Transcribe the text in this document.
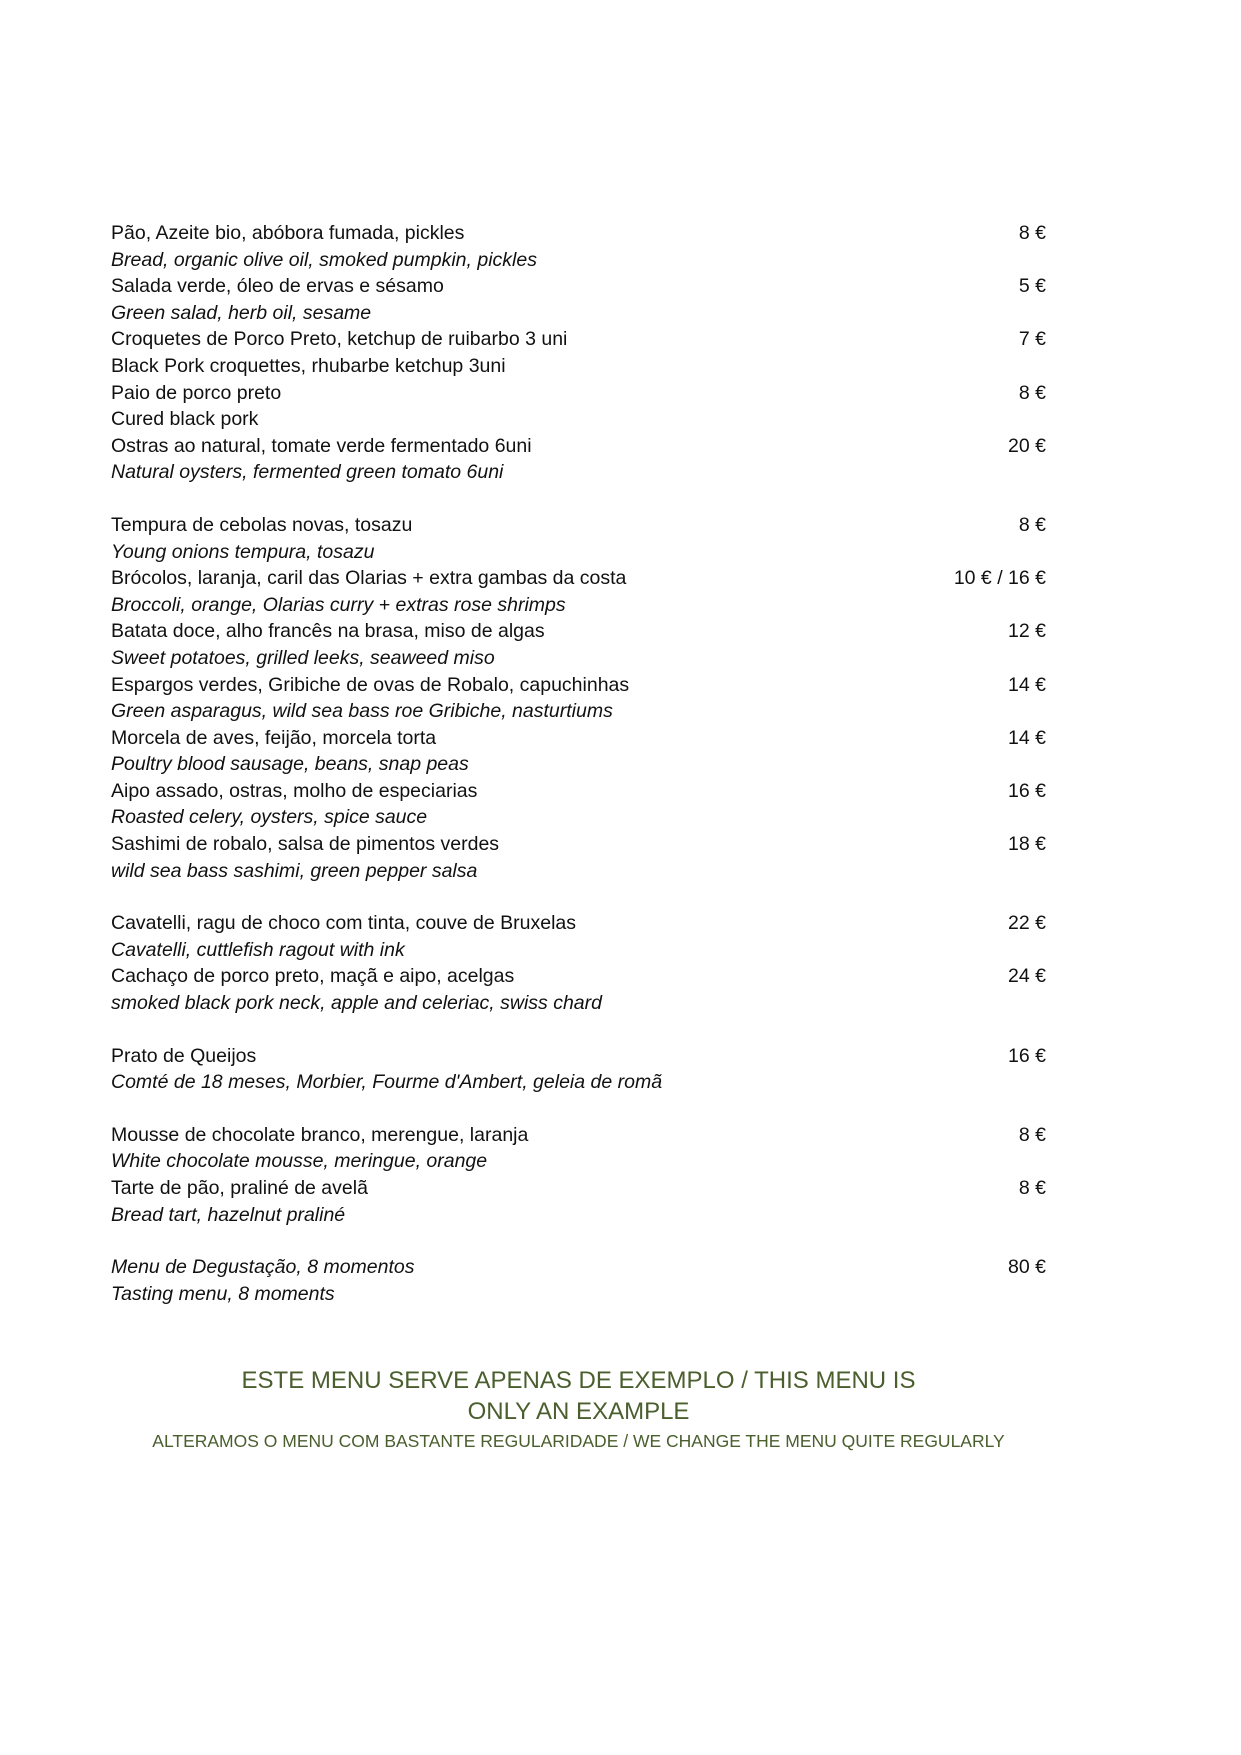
Pão, Azeite bio, abóbora fumada, pickles	8 €
Bread, organic olive oil, smoked pumpkin, pickles
Salada verde, óleo de ervas e sésamo	5 €
Green salad, herb oil, sesame
Croquetes de Porco Preto, ketchup de ruibarbo 3 uni	7 €
Black Pork croquettes, rhubarbe ketchup 3uni
Paio de porco preto	8 €
Cured black pork
Ostras ao natural, tomate verde fermentado 6uni	20 €
Natural oysters, fermented green tomato 6uni
Tempura de cebolas novas, tosazu	8 €
Young onions tempura, tosazu
Brócolos, laranja, caril das Olarias + extra gambas da costa	10 € / 16 €
Broccoli, orange, Olarias curry + extras rose shrimps
Batata doce, alho francês na brasa, miso de algas	12 €
Sweet potatoes, grilled leeks, seaweed miso
Espargos verdes, Gribiche de ovas de Robalo, capuchinhas	14 €
Green asparagus, wild sea bass roe Gribiche, nasturtiums
Morcela de aves, feijão, morcela torta	14 €
Poultry blood sausage, beans, snap peas
Aipo assado, ostras, molho de especiarias	16 €
Roasted celery, oysters, spice sauce
Sashimi de robalo, salsa de pimentos verdes	18 €
wild sea bass sashimi, green pepper salsa
Cavatelli, ragu de choco com tinta, couve de Bruxelas	22 €
Cavatelli, cuttlefish ragout with ink
Cachaço de porco preto, maçã e aipo, acelgas	24 €
smoked black pork neck, apple and celeriac, swiss chard
Prato de Queijos	16 €
Comté de 18 meses, Morbier, Fourme d'Ambert, geleia de romã
Mousse de chocolate branco, merengue, laranja	8 €
White chocolate mousse, meringue, orange
Tarte de pão, praliné de avelã	8 €
Bread tart, hazelnut praliné
Menu de Degustação, 8 momentos	80 €
Tasting menu, 8 moments
ESTE MENU SERVE APENAS DE EXEMPLO / THIS MENU IS ONLY AN EXAMPLE
ALTERAMOS O MENU COM BASTANTE REGULARIDADE / WE CHANGE THE MENU QUITE REGULARLY
